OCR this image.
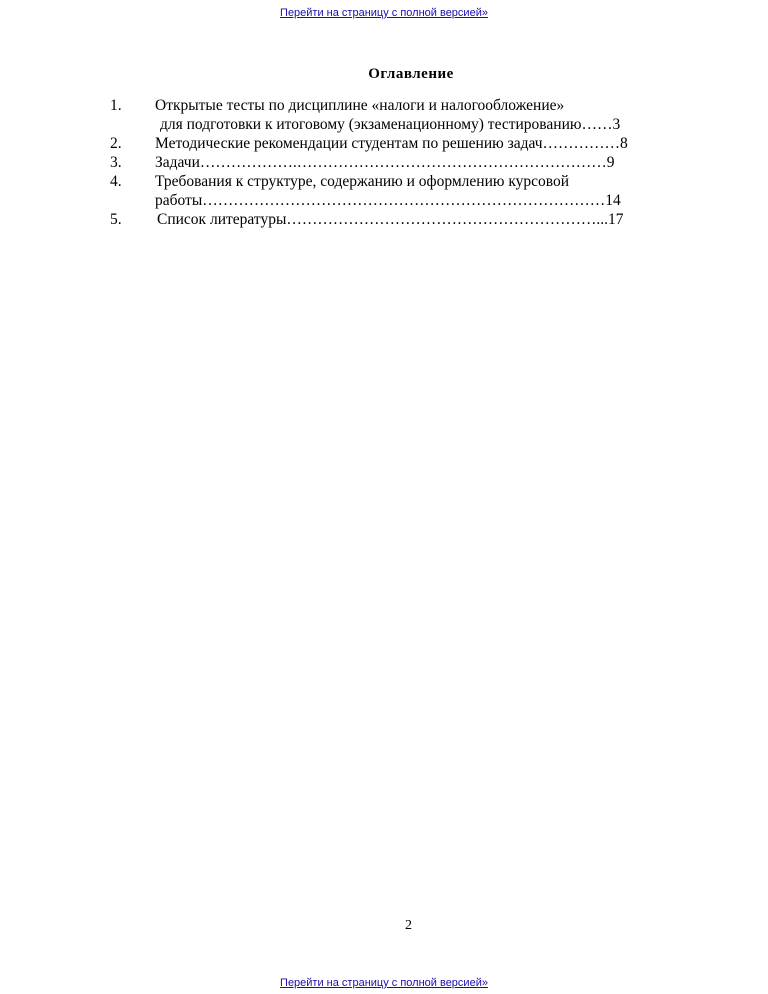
Перейти на страницу с полной версией»
Оглавление
1. Открытые тесты по дисциплине «налоги и налогообложение»
для подготовки к итоговому (экзаменационному) тестированию……3
2. Методические рекомендации студентам по решению задач……………8
3. Задачи……………….……………………………………………………9
4. Требования к структуре, содержанию и оформлению курсовой
работы……………………………………………………………………14
5. Список литературы……………………………………………………...17
2
Перейти на страницу с полной версией»
